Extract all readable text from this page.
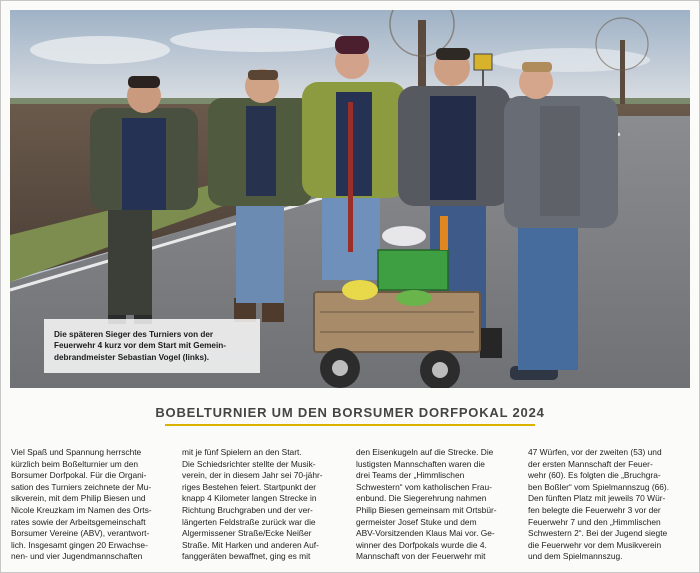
Die späteren Sieger des Turniers von der
Feuerwehr 4 kurz vor dem Start mit Gemein-
debrandmeister Sebastian Vogel (links).
BOBELTURNIER UM DEN BORSUMER DORFPOKAL 2024
Viel Spaß und Spannung herrschte
kürzlich beim Boßelturnier um den
Borsumer Dorfpokal. Für die Organi-
sation des Turniers zeichnete der Mu-
sikverein, mit dem Philip Biesen und
Nicole Kreuzkam im Namen des Orts-
rates sowie der Arbeitsgemeinschaft
Borsumer Vereine (ABV), verantwort-
lich. Insgesamt gingen 20 Erwachse-
nen- und vier Jugendmannschaften
mit je fünf Spielern an den Start.
Die Schiedsrichter stellte der Musik-
verein, der in diesem Jahr sei 70-jähr-
riges Bestehen feiert. Startpunkt der
knapp 4 Kilometer langen Strecke in
Richtung Bruchgraben und der ver-
längerten Feldstraße zurück war die
Algermissener Straße/Ecke Neißer
Straße. Mit Harken und anderen Auf-
fanggeräten bewaffnet, ging es mit
den Eisenkugeln auf die Strecke. Die
lustigsten Mannschaften waren die
drei Teams der „Himmlischen
Schwestern“ vom katholischen Frau-
enbund. Die Siegerehrung nahmen
Philip Biesen gemeinsam mit Ortsbür-
germeister Josef Stuke und dem
ABV-Vorsitzenden Klaus Mai vor. Ge-
winner des Dorfpokals wurde die 4.
Mannschaft von der Feuerwehr mit
47 Würfen, vor der zweiten (53) und
der ersten Mannschaft der Feuer-
wehr (60). Es folgten die „Bruchgra-
ben Boßler“ vom Spielmannszug (66).
Den fünften Platz mit jeweils 70 Wür-
fen belegte die Feuerwehr 3 vor der
Feuerwehr 7 und den „Himmlischen
Schwestern 2“. Bei der Jugend siegte
die Feuerwehr vor dem Musikverein
und dem Spielmannszug.
